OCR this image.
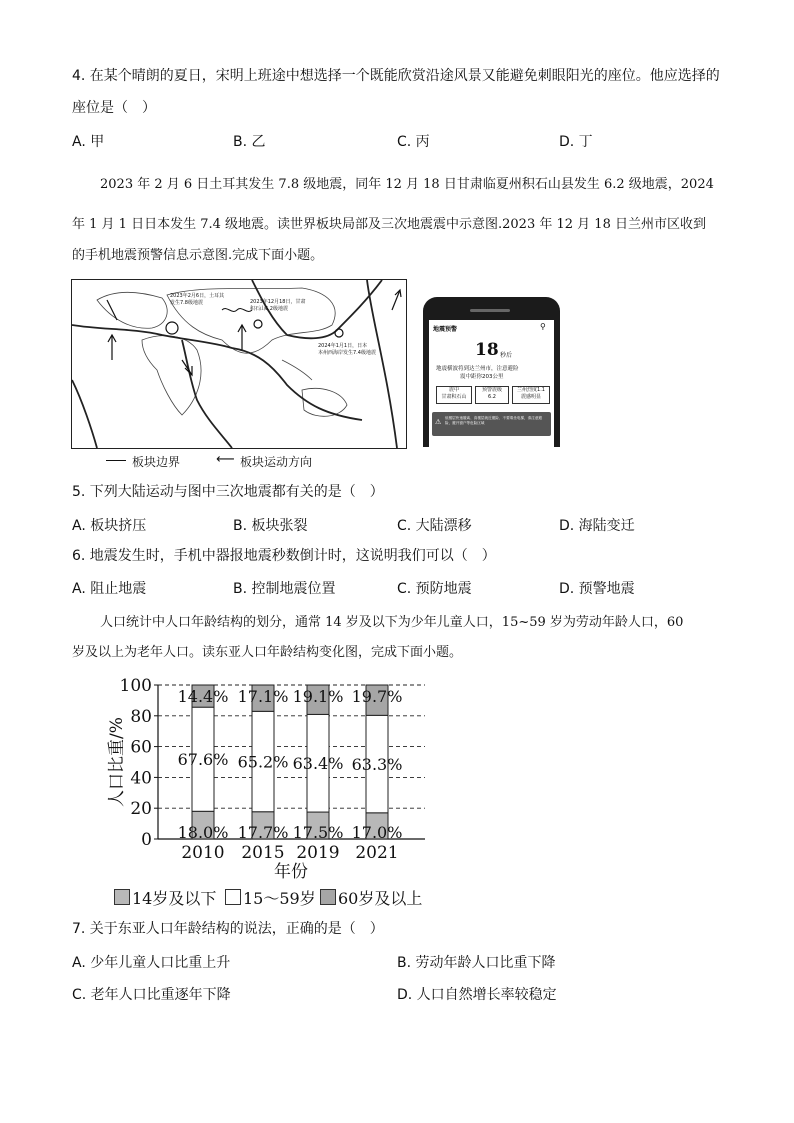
4. 在某个晴朗的夏日，宋明上班途中想选择一个既能欣赏沿途风景又能避免刺眼阳光的座位。他应选择的
座位是（　）
A. 甲	B. 乙	C. 丙	D. 丁
2023 年 2 月 6 日土耳其发生 7.8 级地震，同年 12 月 18 日甘肃临夏州积石山县发生 6.2 级地震，2024
年 1 月 1 日日本发生 7.4 级地震。读世界板块局部及三次地震震中示意图.2023 年 12 月 18 日兰州市区收到
的手机地震预警信息示意图.完成下面小题。
2023年2月6日，土耳其
发生7.8级地震	2023年12月18日，甘肃
积石山6.2级地震
2024年1月1日，日本
本州西海岸发生7.4级地震
板块边界	⟵ 板块运动方向
地震预警	⚲
18 秒后
地震横波将到达兰州市，注意避险
震中距你203公里
震中
甘肃积石山
预警震级
6.2
兰州烈度1.1
震感明显
⚠ 低楼层快速撤离、高楼层就近避险、不要乘坐电梯，请注意避险，避开窗户等危险区域
5. 下列大陆运动与图中三次地震都有关的是（　）
A. 板块挤压	B. 板块张裂	C. 大陆漂移	D. 海陆变迁
6. 地震发生时，手机中器报地震秒数倒计时，这说明我们可以（　）
A. 阻止地震	B. 控制地震位置	C. 预防地震	D. 预警地震
人口统计中人口年龄结构的划分，通常 14 岁及以下为少年儿童人口，15~59 岁为劳动年龄人口，60
岁及以上为老年人口。读东亚人口年龄结构变化图，完成下面小题。
0
20
40
60
80
100
人口比重/%
18.0%
67.6%
14.4%
2010
17.7%
65.2%
17.1%
2015
17.5%
63.4%
19.1%
2019
17.0%
63.3%
19.7%
2021
年份
14岁及以下 15～59岁 60岁及以上
7. 关于东亚人口年龄结构的说法，正确的是（　）
A. 少年儿童人口比重上升	B. 劳动年龄人口比重下降
C. 老年人口比重逐年下降	D. 人口自然增长率较稳定
